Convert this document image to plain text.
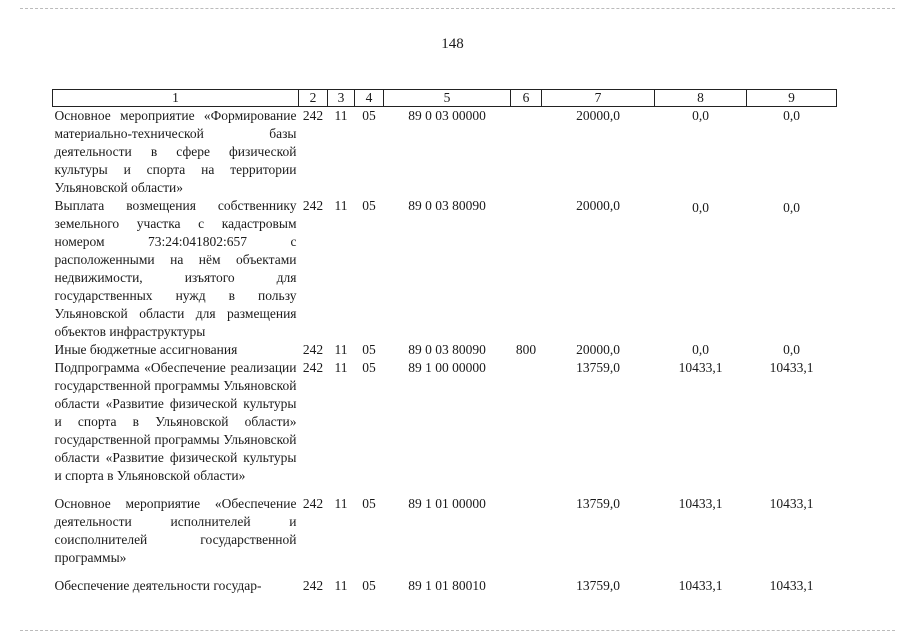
148
1	2	3	4	5	6	7	8	9
Основное мероприятие «Формирование материально-технической базы деятельности в сфере физической культуры и спорта на территории Ульяновской области»	242	11	05	89 0 03 00000		20000,0	0,0	0,0
Выплата возмещения собственнику земельного участка с кадастровым номером 73:24:041802:657 с расположенными на нём объектами недвижимости, изъятого для государственных нужд в пользу Ульяновской области для размещения объектов инфраструктуры	242	11	05	89 0 03 80090		20000,0	0,0	0,0
Иные бюджетные ассигнования	242	11	05	89 0 03 80090	800	20000,0	0,0	0,0
Подпрограмма «Обеспечение реализации государственной программы Ульяновской области «Развитие физической культуры и спорта в Ульяновской области» государственной программы Ульяновской области «Развитие физической культуры и спорта в Ульяновской области»	242	11	05	89 1 00 00000		13759,0	10433,1	10433,1
Основное мероприятие «Обеспечение деятельности исполнителей и соисполнителей государственной программы»	242	11	05	89 1 01 00000		13759,0	10433,1	10433,1
Обеспечение деятельности государ-	242	11	05	89 1 01 80010		13759,0	10433,1	10433,1
